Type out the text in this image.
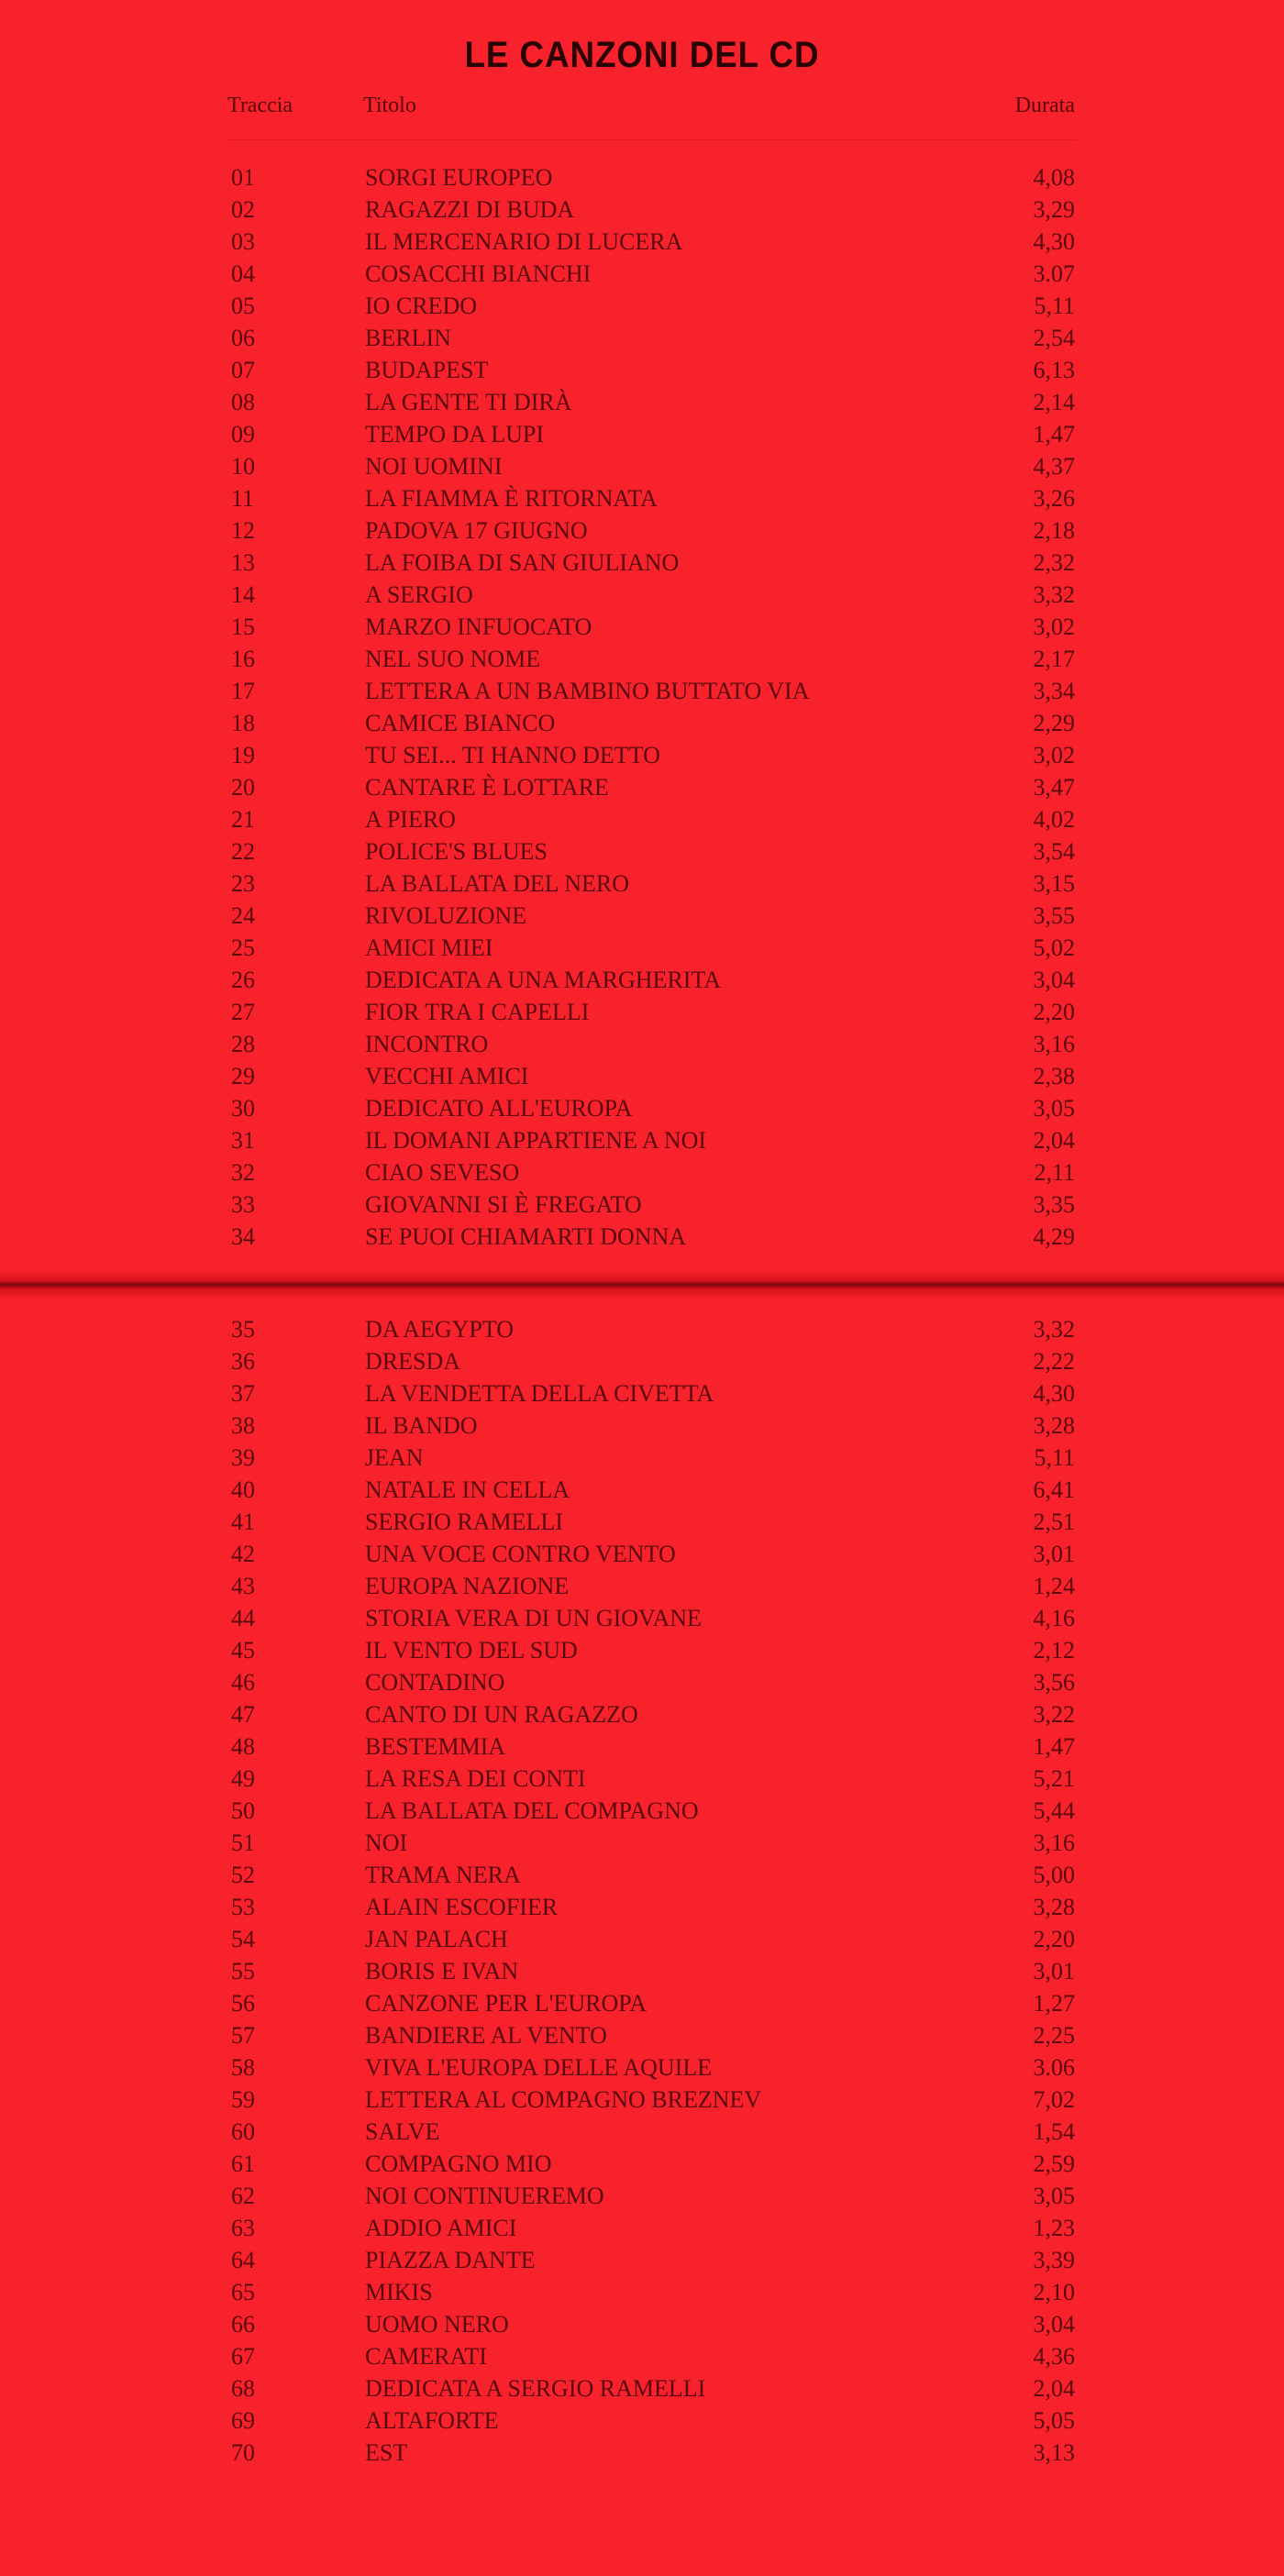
LE CANZONI DEL CD
Traccia	Titolo	Durata
01	SORGI EUROPEO	4,08
02	RAGAZZI DI BUDA	3,29
03	IL MERCENARIO DI LUCERA	4,30
04	COSACCHI BIANCHI	3.07
05	IO CREDO	5,11
06	BERLIN	2,54
07	BUDAPEST	6,13
08	LA GENTE TI DIRÀ	2,14
09	TEMPO DA LUPI	1,47
10	NOI UOMINI	4,37
11	LA FIAMMA È RITORNATA	3,26
12	PADOVA 17 GIUGNO	2,18
13	LA FOIBA DI SAN GIULIANO	2,32
14	A SERGIO	3,32
15	MARZO INFUOCATO	3,02
16	NEL SUO NOME	2,17
17	LETTERA A UN BAMBINO BUTTATO VIA	3,34
18	CAMICE BIANCO	2,29
19	TU SEI... TI HANNO DETTO	3,02
20	CANTARE È LOTTARE	3,47
21	A PIERO	4,02
22	POLICE'S BLUES	3,54
23	LA BALLATA DEL NERO	3,15
24	RIVOLUZIONE	3,55
25	AMICI MIEI	5,02
26	DEDICATA A UNA MARGHERITA	3,04
27	FIOR TRA I CAPELLI	2,20
28	INCONTRO	3,16
29	VECCHI AMICI	2,38
30	DEDICATO ALL'EUROPA	3,05
31	IL DOMANI APPARTIENE A NOI	2,04
32	CIAO SEVESO	2,11
33	GIOVANNI SI È FREGATO	3,35
34	SE PUOI CHIAMARTI DONNA	4,29
35	DA AEGYPTO	3,32
36	DRESDA	2,22
37	LA VENDETTA DELLA CIVETTA	4,30
38	IL BANDO	3,28
39	JEAN	5,11
40	NATALE IN CELLA	6,41
41	SERGIO RAMELLI	2,51
42	UNA VOCE CONTRO VENTO	3,01
43	EUROPA NAZIONE	1,24
44	STORIA VERA DI UN GIOVANE	4,16
45	IL VENTO DEL SUD	2,12
46	CONTADINO	3,56
47	CANTO DI UN RAGAZZO	3,22
48	BESTEMMIA	1,47
49	LA RESA DEI CONTI	5,21
50	LA BALLATA DEL COMPAGNO	5,44
51	NOI	3,16
52	TRAMA NERA	5,00
53	ALAIN ESCOFIER	3,28
54	JAN PALACH	2,20
55	BORIS E IVAN	3,01
56	CANZONE PER L'EUROPA	1,27
57	BANDIERE AL VENTO	2,25
58	VIVA L'EUROPA DELLE AQUILE	3.06
59	LETTERA AL COMPAGNO BREZNEV	7,02
60	SALVE	1,54
61	COMPAGNO MIO	2,59
62	NOI CONTINUEREMO	3,05
63	ADDIO AMICI	1,23
64	PIAZZA DANTE	3,39
65	MIKIS	2,10
66	UOMO NERO	3,04
67	CAMERATI	4,36
68	DEDICATA A SERGIO RAMELLI	2,04
69	ALTAFORTE	5,05
70	EST	3,13
